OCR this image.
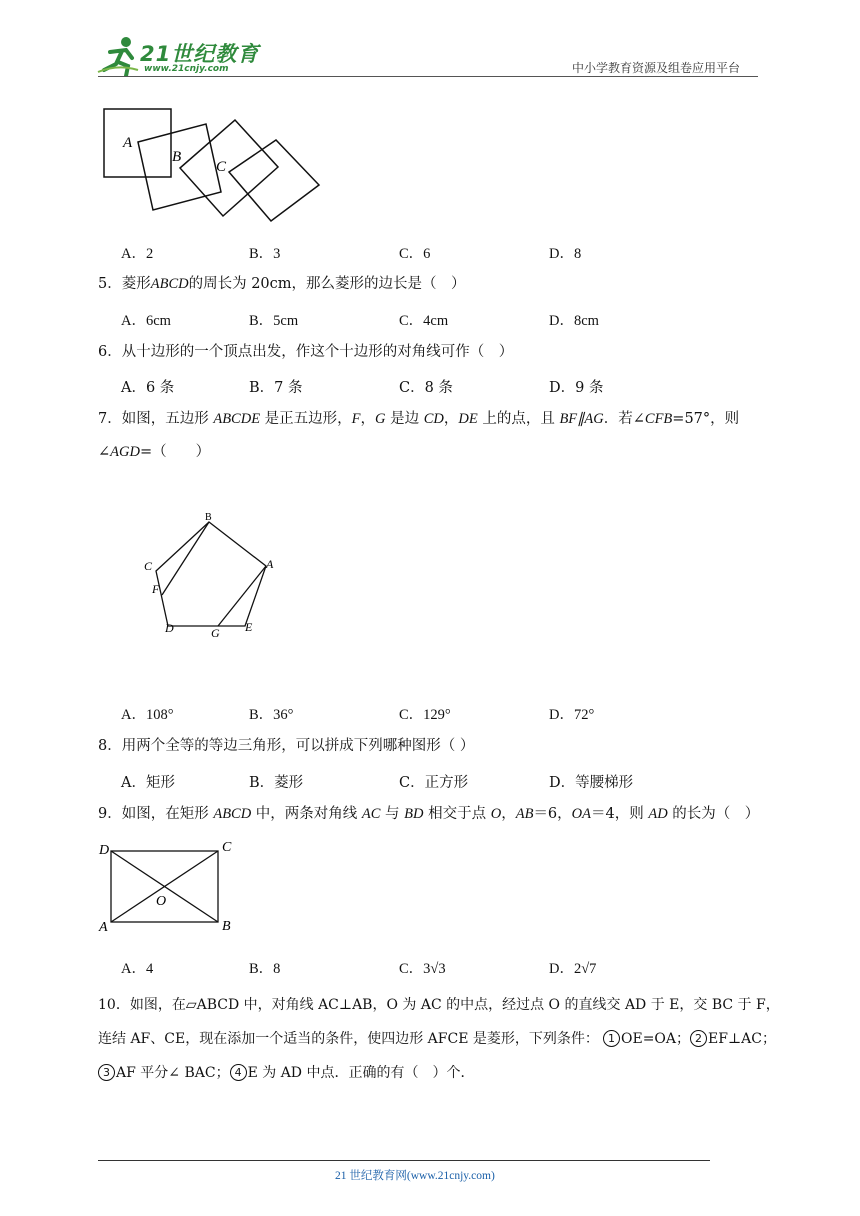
21世纪教育
www.21cnjy.com	中小学教育资源及组卷应用平台
A
B
C
A．2	B．3	C．6	D．8
5．菱形ABCD的周长为 20cm，那么菱形的边长是（　）
A．6cm	B．5cm	C．4cm	D．8cm
6．从十边形的一个顶点出发，作这个十边形的对角线可作（　）
A．6 条	B．7 条	C．8 条	D．9 条
7．如图，五边形 ABCDE 是正五边形，F，G 是边 CD，DE 上的点，且 BF∥AG．若∠CFB=57°，则
∠AGD=（　　）
B
C
F
A
D	G E
A．108°	B．36°	C．129°	D．72°
8．用两个全等的等边三角形，可以拼成下列哪种图形（ ）
A．矩形	B．菱形	C．正方形	D．等腰梯形
9．如图，在矩形 ABCD 中，两条对角线 AC 与 BD 相交于点 O，AB＝6，OA＝4，则 AD 的长为（　）
D	C
O
A	B
A．4	B．8	C．3√3	D．2√7
10．如图，在▱ABCD 中，对角线 AC⊥AB，O 为 AC 的中点，经过点 O 的直线交 AD 于 E，交 BC 于 F，
连结 AF、CE，现在添加一个适当的条件，使四边形 AFCE 是菱形，下列条件： 1 OE=OA； 2 EF⊥AC；
3 AF 平分∠ BAC； 4 E 为 AD 中点．正确的有（　）个．
21 世纪教育网(www.21cnjy.com)
